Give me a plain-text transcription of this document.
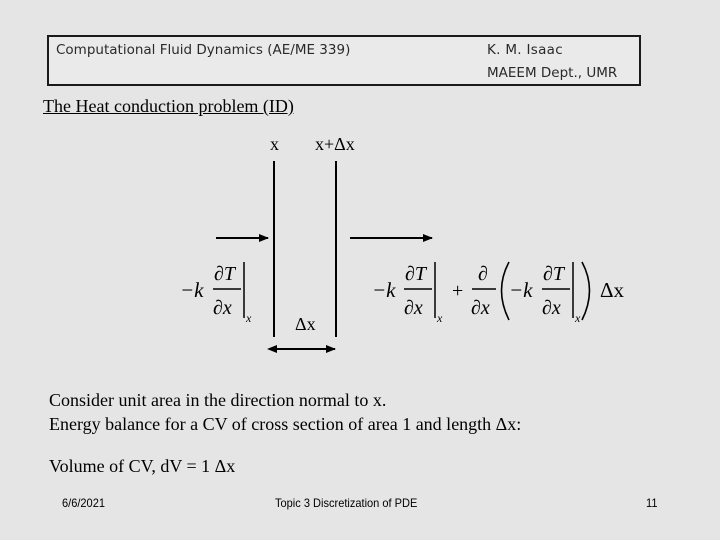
Computational Fluid Dynamics (AE/ME 339)	K. M. Isaac
MAEEM Dept., UMR
The Heat conduction problem (ID)
x x+Δx
Δx
−k
∂T
∂x x
−k
∂T
∂x x
+
∂
∂x
−k
∂T
∂x x
Δx
Consider unit area in the direction normal to x.
Energy balance for a CV of cross section of area 1 and length Δx:
Volume of CV, dV = 1 Δx
6/6/2021	Topic 3 Discretization of PDE	11
